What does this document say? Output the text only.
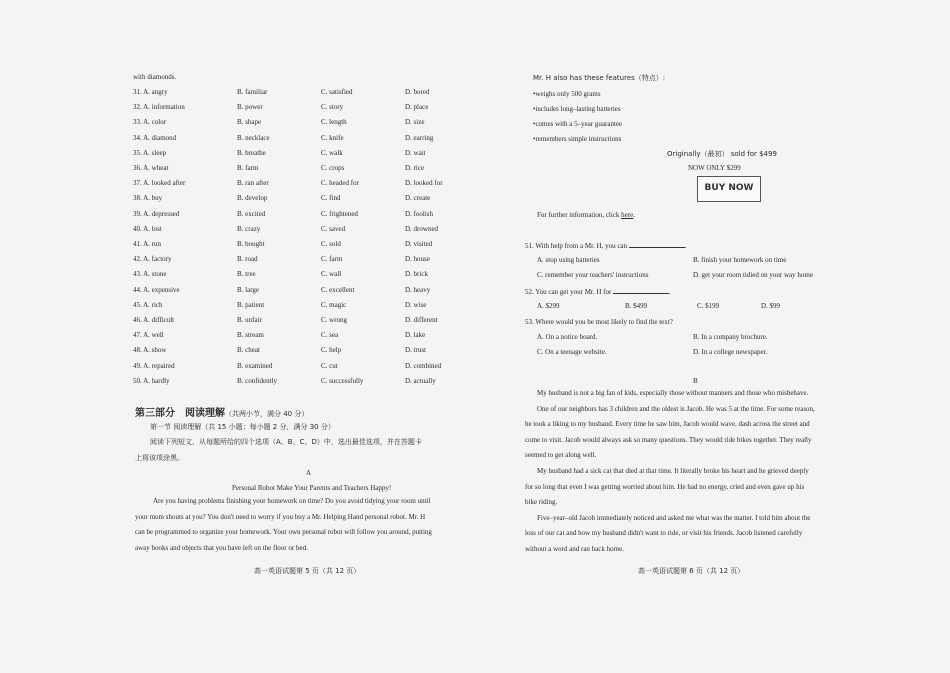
with diamonds.
31. A. angry	B. familiar	C. satisfied	D. bored
32. A. information	B. power	C. story	D. place
33. A. color	B. shape	C. length	D. size
34. A. diamond	B. necklace	C. knife	D. earring
35. A. sleep	B. breathe	C. walk	D. wait
36. A. wheat	B. farm	C. crops	D. rice
37. A. looked after	B. ran after	C. headed for	D. looked for
38. A. buy	B. develop	C. find	D. create
39. A. depressed	B. excited	C. frightened	D. foolish
40. A. lost	B. crazy	C. saved	D. drowned
41. A. run	B. bought	C. sold	D. visited
42. A. factory	B. road	C. farm	D. house
43. A. stone	B. tree	C. wall	D. brick
44. A. expensive	B. large	C. excellent	D. heavy
45. A. rich	B. patient	C. magic	D. wise
46. A. difficult	B. unfair	C. wrong	D. different
47. A. well	B. stream	C. sea	D. lake
48. A. show	B. cheat	C. help	D. trust
49. A. repaired	B. examined	C. cut	D. combined
50. A. hardly	B. confidently	C. successfully	D. actually
第三部分　阅读理解（共两小节，满分 40 分）
第一节 阅读理解（共 15 小题；每小题 2 分，满分 30 分）
阅读下列短文，从每题所给的四个选项（A、B、C、D）中，选出最佳选项，并在答题卡
上将该项涂黑。
A
Personal Robot Make Your Parents and Teachers Happy!
Are you having problems finishing your homework on time? Do you avoid tidying your room until
your mom shouts at you? You don't need to worry if you buy a Mr. Helping Hand personal robot. Mr. H
can be programmed to organize your homework. Your own personal robot will follow you around, putting
away books and objects that you have left on the floor or bed.
高一英语试题第 5 页（共 12 页）
Mr. H also has these features（特点）:
•weighs only 500 grams
•includes long–lasting batteries
•comes with a 5–year guarantee
•remembers simple instructions
Originally（最初） sold for $499
NOW ONLY $299
BUY NOW
For further information, click here.
51. With help from a Mr. H, you can	.
A. stop using batteries	B. finish your homework on time
C. remember your teachers' instructions	D. get your room tidied on your way home
52. You can get your Mr. H for	.
A. $299	B. $499	C. $199	D. $99
53. Where would you be most likely to find the text?
A. On a notice board.	B. In a company brochure.
C. On a teenage website.	D. In a college newspaper.
B
My husband is not a big fan of kids, especially those without manners and those who misbehave.
One of our neighbors has 3 children and the oldest is Jacob. He was 5 at the time. For some reason,
he took a liking to my husband. Every time he saw him, Jacob would wave, dash across the street and
come to visit. Jacob would always ask so many questions. They would ride bikes together. They really
seemed to get along well.
My husband had a sick cat that died at that time. It literally broke his heart and he grieved deeply
for so long that even I was getting worried about him. He had no energy, cried and even gave up his
bike riding.
Five–year–old Jacob immediately noticed and asked me what was the matter. I told him about the
loss of our cat and how my husband didn't want to ride, or visit his friends. Jacob listened carefully
without a word and ran back home.
高一英语试题第 6 页（共 12 页）
